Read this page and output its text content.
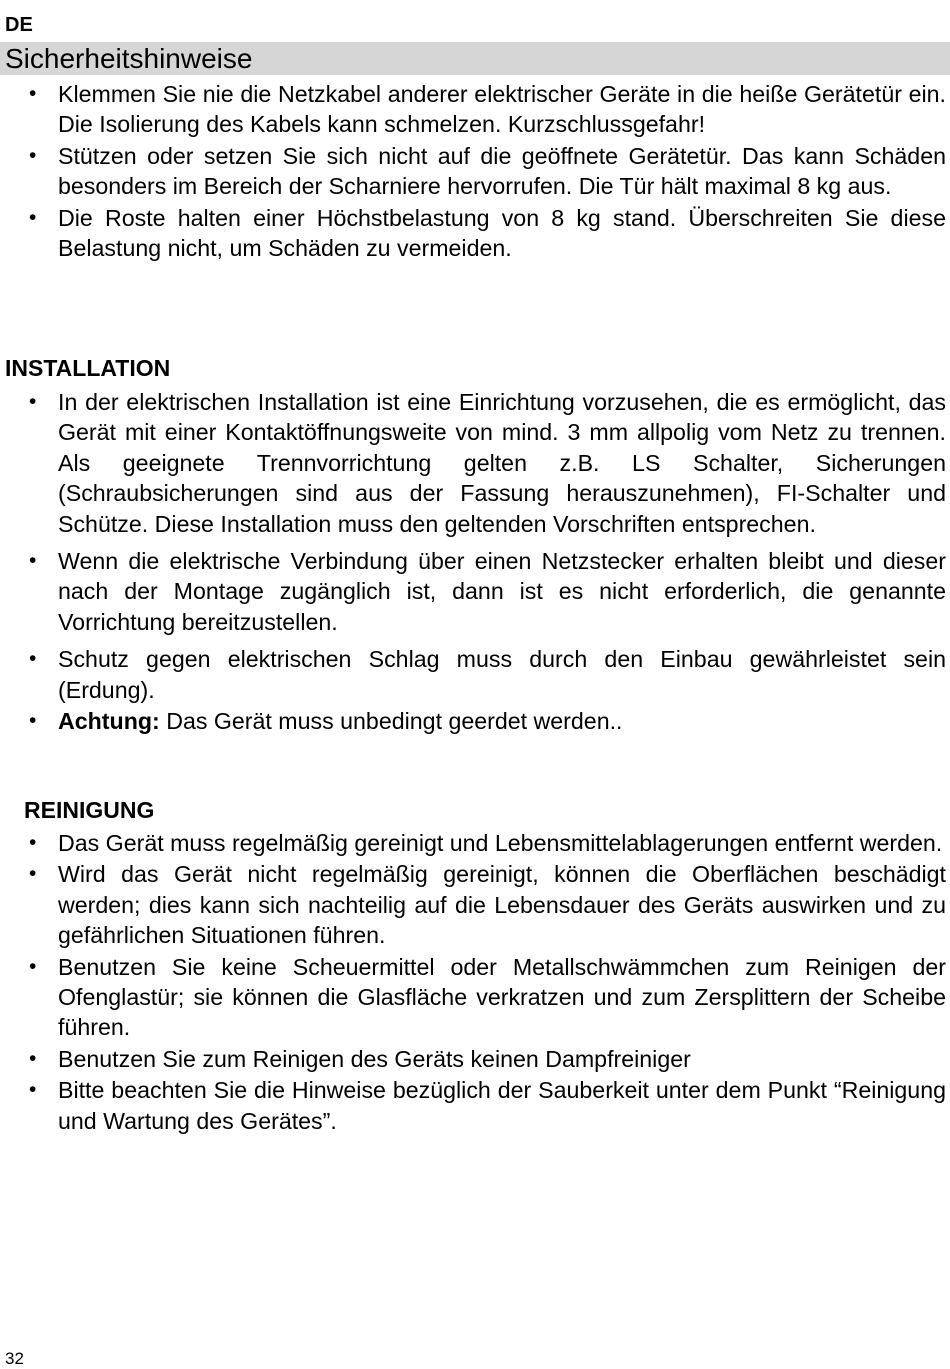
DE
Sicherheitshinweise
• Klemmen Sie nie die Netzkabel anderer elektrischer Geräte in die heiße Gerätetür ein. Die Isolierung des Kabels kann schmelzen. Kurzschlussgefahr!
• Stützen oder setzen Sie sich nicht auf die geöffnete Gerätetür. Das kann Schäden besonders im Bereich der Scharniere hervorrufen. Die Tür hält maximal 8 kg aus.
• Die Roste halten einer Höchstbelastung von 8 kg stand. Überschreiten Sie diese Belastung nicht, um Schäden zu vermeiden.
INSTALLATION
• In der elektrischen Installation ist eine Einrichtung vorzusehen, die es ermöglicht, das Gerät mit einer Kontaktöffnungsweite von mind. 3 mm allpolig vom Netz zu trennen. Als geeignete Trennvorrichtung gelten z.B. LS Schalter, Sicherungen (Schraubsicherungen sind aus der Fassung herauszunehmen), FI-Schalter und Schütze. Diese Installation muss den geltenden Vorschriften entsprechen.
• Wenn die elektrische Verbindung über einen Netzstecker erhalten bleibt und dieser nach der Montage zugänglich ist, dann ist es nicht erforderlich, die genannte Vorrichtung bereitzustellen.
• Schutz gegen elektrischen Schlag muss durch den Einbau gewährleistet sein (Erdung).
• Achtung: Das Gerät muss unbedingt geerdet werden..
REINIGUNG
• Das Gerät muss regelmäßig gereinigt und Lebensmittelablagerungen entfernt werden.
• Wird das Gerät nicht regelmäßig gereinigt, können die Oberflächen beschädigt werden; dies kann sich nachteilig auf die Lebensdauer des Geräts auswirken und zu gefährlichen Situationen führen.
• Benutzen Sie keine Scheuermittel oder Metallschwämmchen zum Reinigen der Ofenglastür; sie können die Glasfläche verkratzen und zum Zersplittern der Scheibe führen.
• Benutzen Sie zum Reinigen des Geräts keinen Dampfreiniger
• Bitte beachten Sie die Hinweise bezüglich der Sauberkeit unter dem Punkt “Reinigung und Wartung des Gerätes”.
32
